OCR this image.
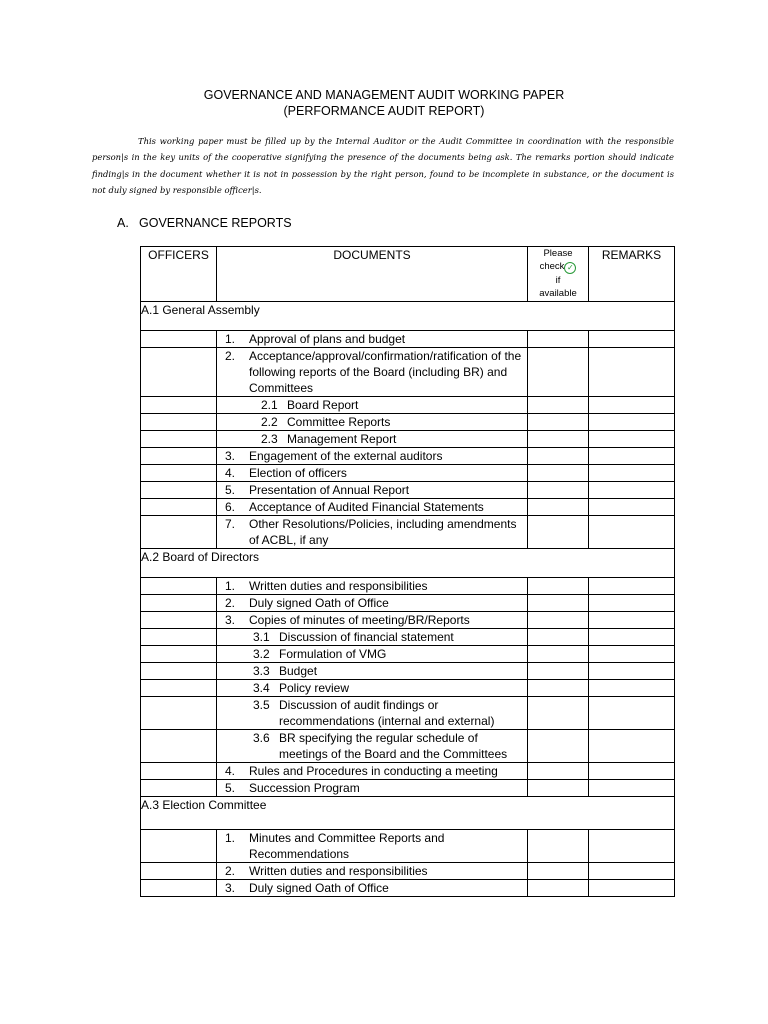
GOVERNANCE AND MANAGEMENT AUDIT WORKING PAPER
(PERFORMANCE AUDIT REPORT)
This working paper must be filled up by the Internal Auditor or the Audit Committee in coordination with the responsible person|s in the key units of the cooperative signifying the presence of the documents being ask. The remarks portion should indicate finding|s in the document whether it is not in possession by the right person, found to be incomplete in substance, or the document is not duly signed by responsible officer|s.
A. GOVERNANCE REPORTS
OFFICERS	DOCUMENTS	Please
check ✓
if
available	REMARKS
A.1 General Assembly			

	1. Approval of plans and budget		

	2. Acceptance/approval/confirmation/ratification of the following reports of the Board (including BR) and Committees		

	2.1 Board Report		
	2.2 Committee Reports		
	2.3 Management Report		

	3. Engagement of the external auditors		

	4. Election of officers		

	5. Presentation of Annual Report		

	6. Acceptance of Audited Financial Statements		

	7. Other Resolutions/Policies, including amendments of ACBL, if any		

A.2 Board of Directors			

	1. Written duties and responsibilities		

	2. Duly signed Oath of Office		

	3. Copies of minutes of meeting/BR/Reports		

	3.1 Discussion of financial statement		

	3.2 Formulation of VMG		

	3.3 Budget		

	3.4 Policy review		

	3.5 Discussion of audit findings or recommendations (internal and external)		

	3.6 BR specifying the regular schedule of meetings of the Board and the Committees		

	4. Rules and Procedures in conducting a meeting		

	5. Succession Program		

A.3 Election Committee			

	1. Minutes and Committee Reports and Recommendations		

	2. Written duties and responsibilities		

	3. Duly signed Oath of Office		
